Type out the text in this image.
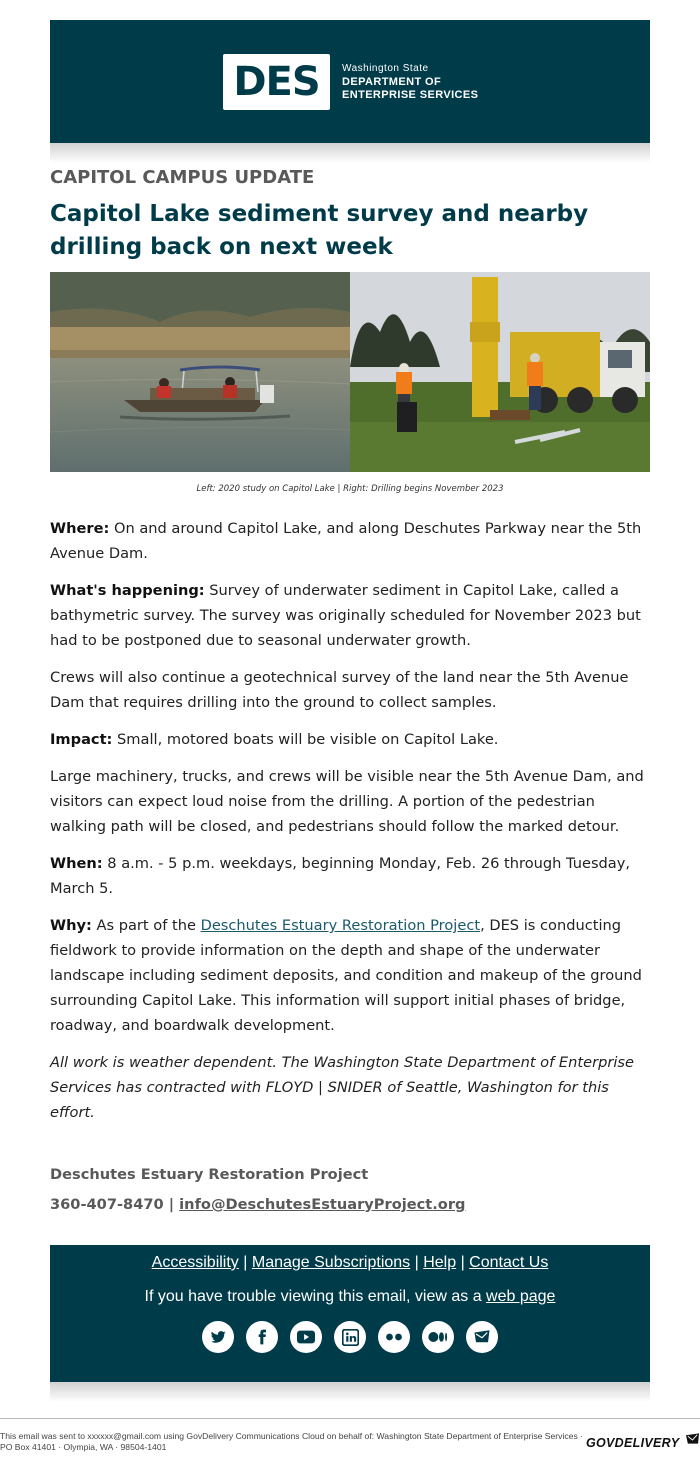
DES	Washington State
DEPARTMENT OF
ENTERPRISE SERVICES
CAPITOL CAMPUS UPDATE
Capitol Lake sediment survey and nearby drilling back on next week
Left: 2020 study on Capitol Lake | Right: Drilling begins November 2023

Where: On and around Capitol Lake, and along Deschutes Parkway near the 5th Avenue Dam.

What's happening: Survey of underwater sediment in Capitol Lake, called a bathymetric survey. The survey was originally scheduled for November 2023 but had to be postponed due to seasonal underwater growth.

Crews will also continue a geotechnical survey of the land near the 5th Avenue Dam that requires drilling into the ground to collect samples.

Impact: Small, motored boats will be visible on Capitol Lake.

Large machinery, trucks, and crews will be visible near the 5th Avenue Dam, and visitors can expect loud noise from the drilling. A portion of the pedestrian walking path will be closed, and pedestrians should follow the marked detour.

When: 8 a.m. - 5 p.m. weekdays, beginning Monday, Feb. 26 through Tuesday, March 5.

Why: As part of the Deschutes Estuary Restoration Project, DES is conducting fieldwork to provide information on the depth and shape of the underwater landscape including sediment deposits, and condition and makeup of the ground surrounding Capitol Lake. This information will support initial phases of bridge, roadway, and boardwalk development.

All work is weather dependent. The Washington State Department of Enterprise Services has contracted with FLOYD | SNIDER of Seattle, Washington for this effort.

Deschutes Estuary Restoration Project
360-407-8470 | info@DeschutesEstuaryProject.org
Accessibility | Manage Subscriptions | Help | Contact Us
If you have trouble viewing this email, view as a web page
This email was sent to xxxxxx@gmail.com using GovDelivery Communications Cloud on behalf of: Washington State Department of Enterprise Services · PO Box 41401 · Olympia, WA · 98504-1401	GOVDELIVERY
